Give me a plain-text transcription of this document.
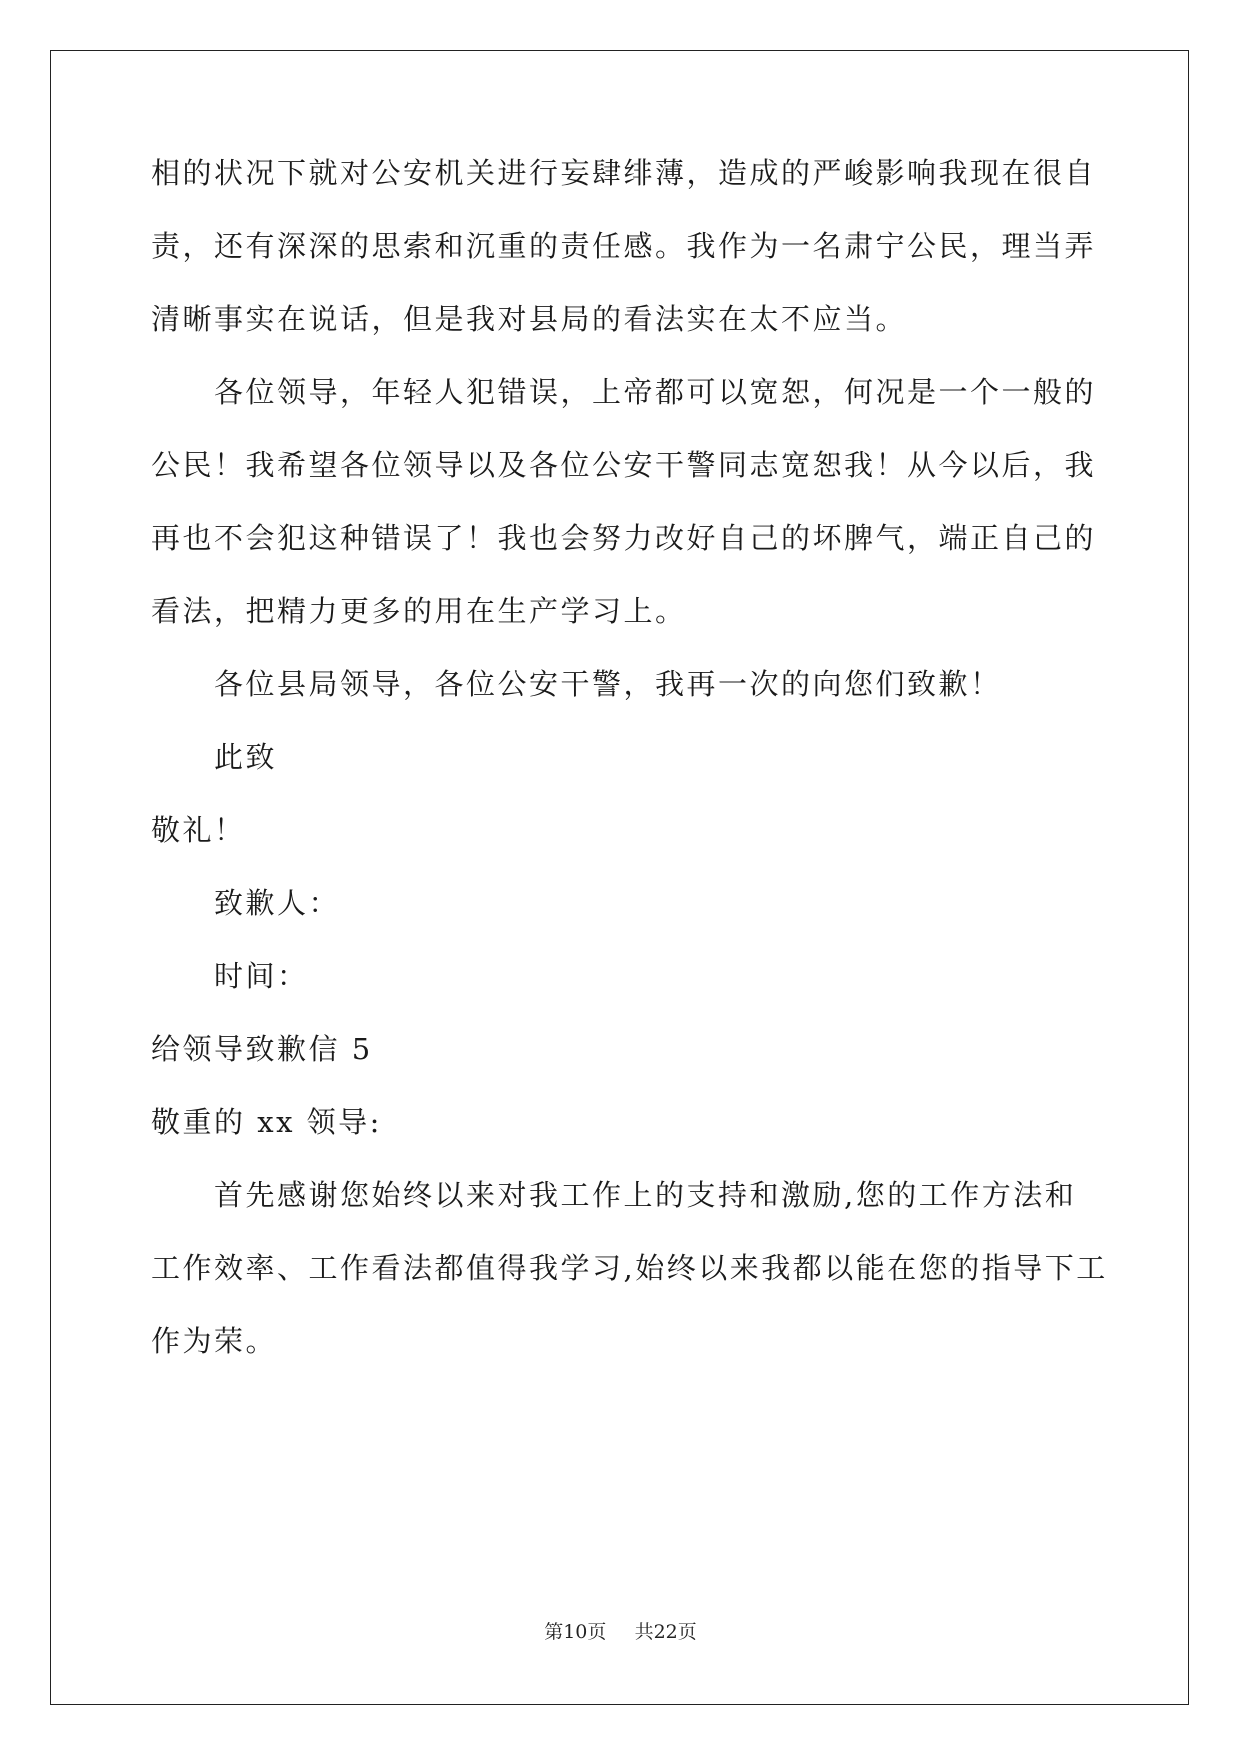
相的状况下就对公安机关进行妄肆绯薄，造成的严峻影响我现在很自
责，还有深深的思索和沉重的责任感。我作为一名肃宁公民，理当弄
清晰事实在说话，但是我对县局的看法实在太不应当。
各位领导，年轻人犯错误，上帝都可以宽恕，何况是一个一般的
公民！我希望各位领导以及各位公安干警同志宽恕我！从今以后，我
再也不会犯这种错误了！我也会努力改好自己的坏脾气，端正自己的
看法，把精力更多的用在生产学习上。
各位县局领导，各位公安干警，我再一次的向您们致歉！
此致
敬礼！
致歉人：
时间：
给领导致歉信 5
敬重的 xx 领导:
首先感谢您始终以来对我工作上的支持和激励,您的工作方法和
工作效率、工作看法都值得我学习,始终以来我都以能在您的指导下工
作为荣。
第10页 共22页
